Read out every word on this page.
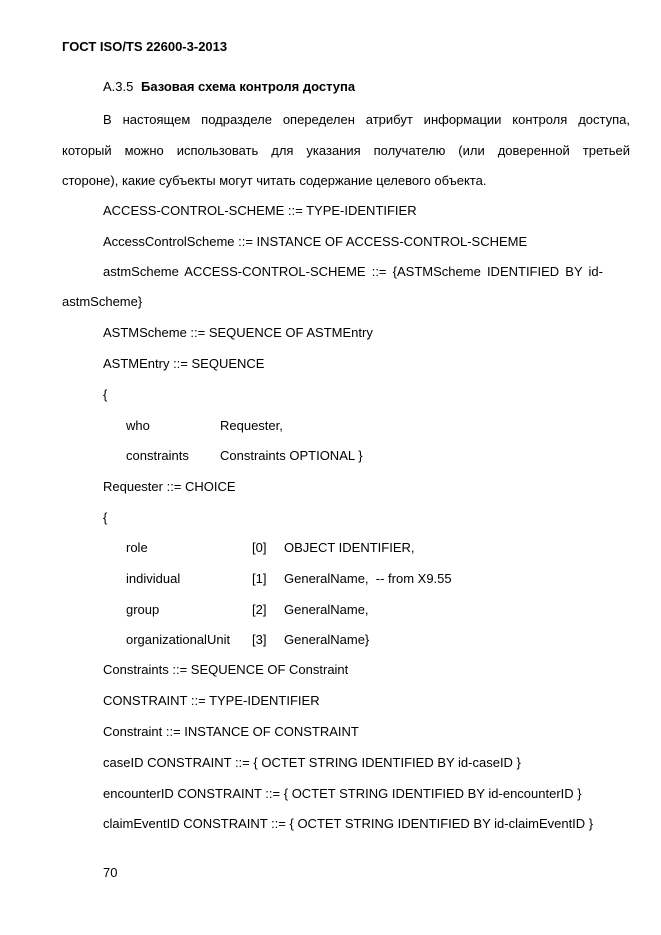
ГОСТ ISO/TS 22600-3-2013
A.3.5 Базовая схема контроля доступа
В настоящем подразделе опеределен атрибут информации контроля доступа,
который можно использовать для указания получателю (или доверенной третьей
стороне), какие субъекты могут читать содержание целевого объекта.
ACCESS-CONTROL-SCHEME ::= TYPE-IDENTIFIER
AccessControlScheme ::= INSTANCE OF ACCESS-CONTROL-SCHEME
astmScheme ACCESS-CONTROL-SCHEME ::= {ASTMScheme IDENTIFIED BY id-
astmScheme}
ASTMScheme ::= SEQUENCE OF ASTMEntry
ASTMEntry ::= SEQUENCE
{
who	Requester,
constraints Constraints OPTIONAL }
Requester ::= CHOICE
{
role	[0] OBJECT IDENTIFIER,
individual	[1] GeneralName,  -- from X9.55
group	[2] GeneralName,
organizationalUnit [3] GeneralName}
Constraints ::= SEQUENCE OF Constraint
CONSTRAINT ::= TYPE-IDENTIFIER
Constraint ::= INSTANCE OF CONSTRAINT
caseID CONSTRAINT ::= { OCTET STRING IDENTIFIED BY id-caseID }
encounterID CONSTRAINT ::= { OCTET STRING IDENTIFIED BY id-encounterID }
claimEventID CONSTRAINT ::= { OCTET STRING IDENTIFIED BY id-claimEventID }
70
